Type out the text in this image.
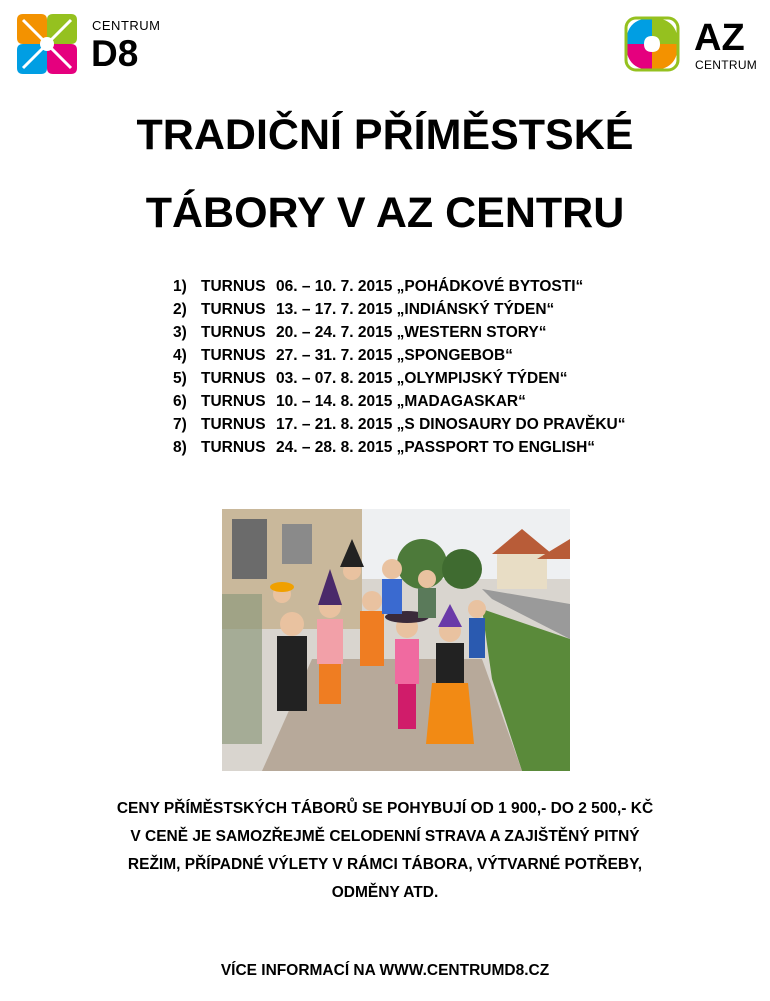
CENTRUM
D8	AZ
CENTRUM
TRADIČNÍ PŘÍMĚSTSKÉ
TÁBORY V AZ CENTRU
1) TURNUS 06. – 10. 7. 2015
„POHÁDKOVÉ BYTOSTI“
2) TURNUS 13. – 17. 7. 2015
„INDIÁNSKÝ TÝDEN“
3) TURNUS 20. – 24. 7. 2015
„WESTERN STORY“
4) TURNUS 27. – 31. 7. 2015
„SPONGEBOB“
5) TURNUS 03. – 07. 8. 2015
„OLYMPIJSKÝ TÝDEN“
6) TURNUS 10. – 14. 8. 2015
„MADAGASKAR“
7) TURNUS 17. – 21. 8. 2015
„S DINOSAURY DO PRAVĚKU“
8) TURNUS 24. – 28. 8. 2015
„PASSPORT TO ENGLISH“
CENY PŘÍMĚSTSKÝCH TÁBORŮ SE POHYBUJÍ OD 1 900,- DO 2 500,- KČ
V CENĚ JE SAMOZŘEJMĚ CELODENNÍ STRAVA A ZAJIŠTĚNÝ PITNÝ
REŽIM, PŘÍPADNÉ VÝLETY V RÁMCI TÁBORA, VÝTVARNÉ POTŘEBY,
ODMĚNY ATD.
VÍCE INFORMACÍ NA WWW.CENTRUMD8.CZ
